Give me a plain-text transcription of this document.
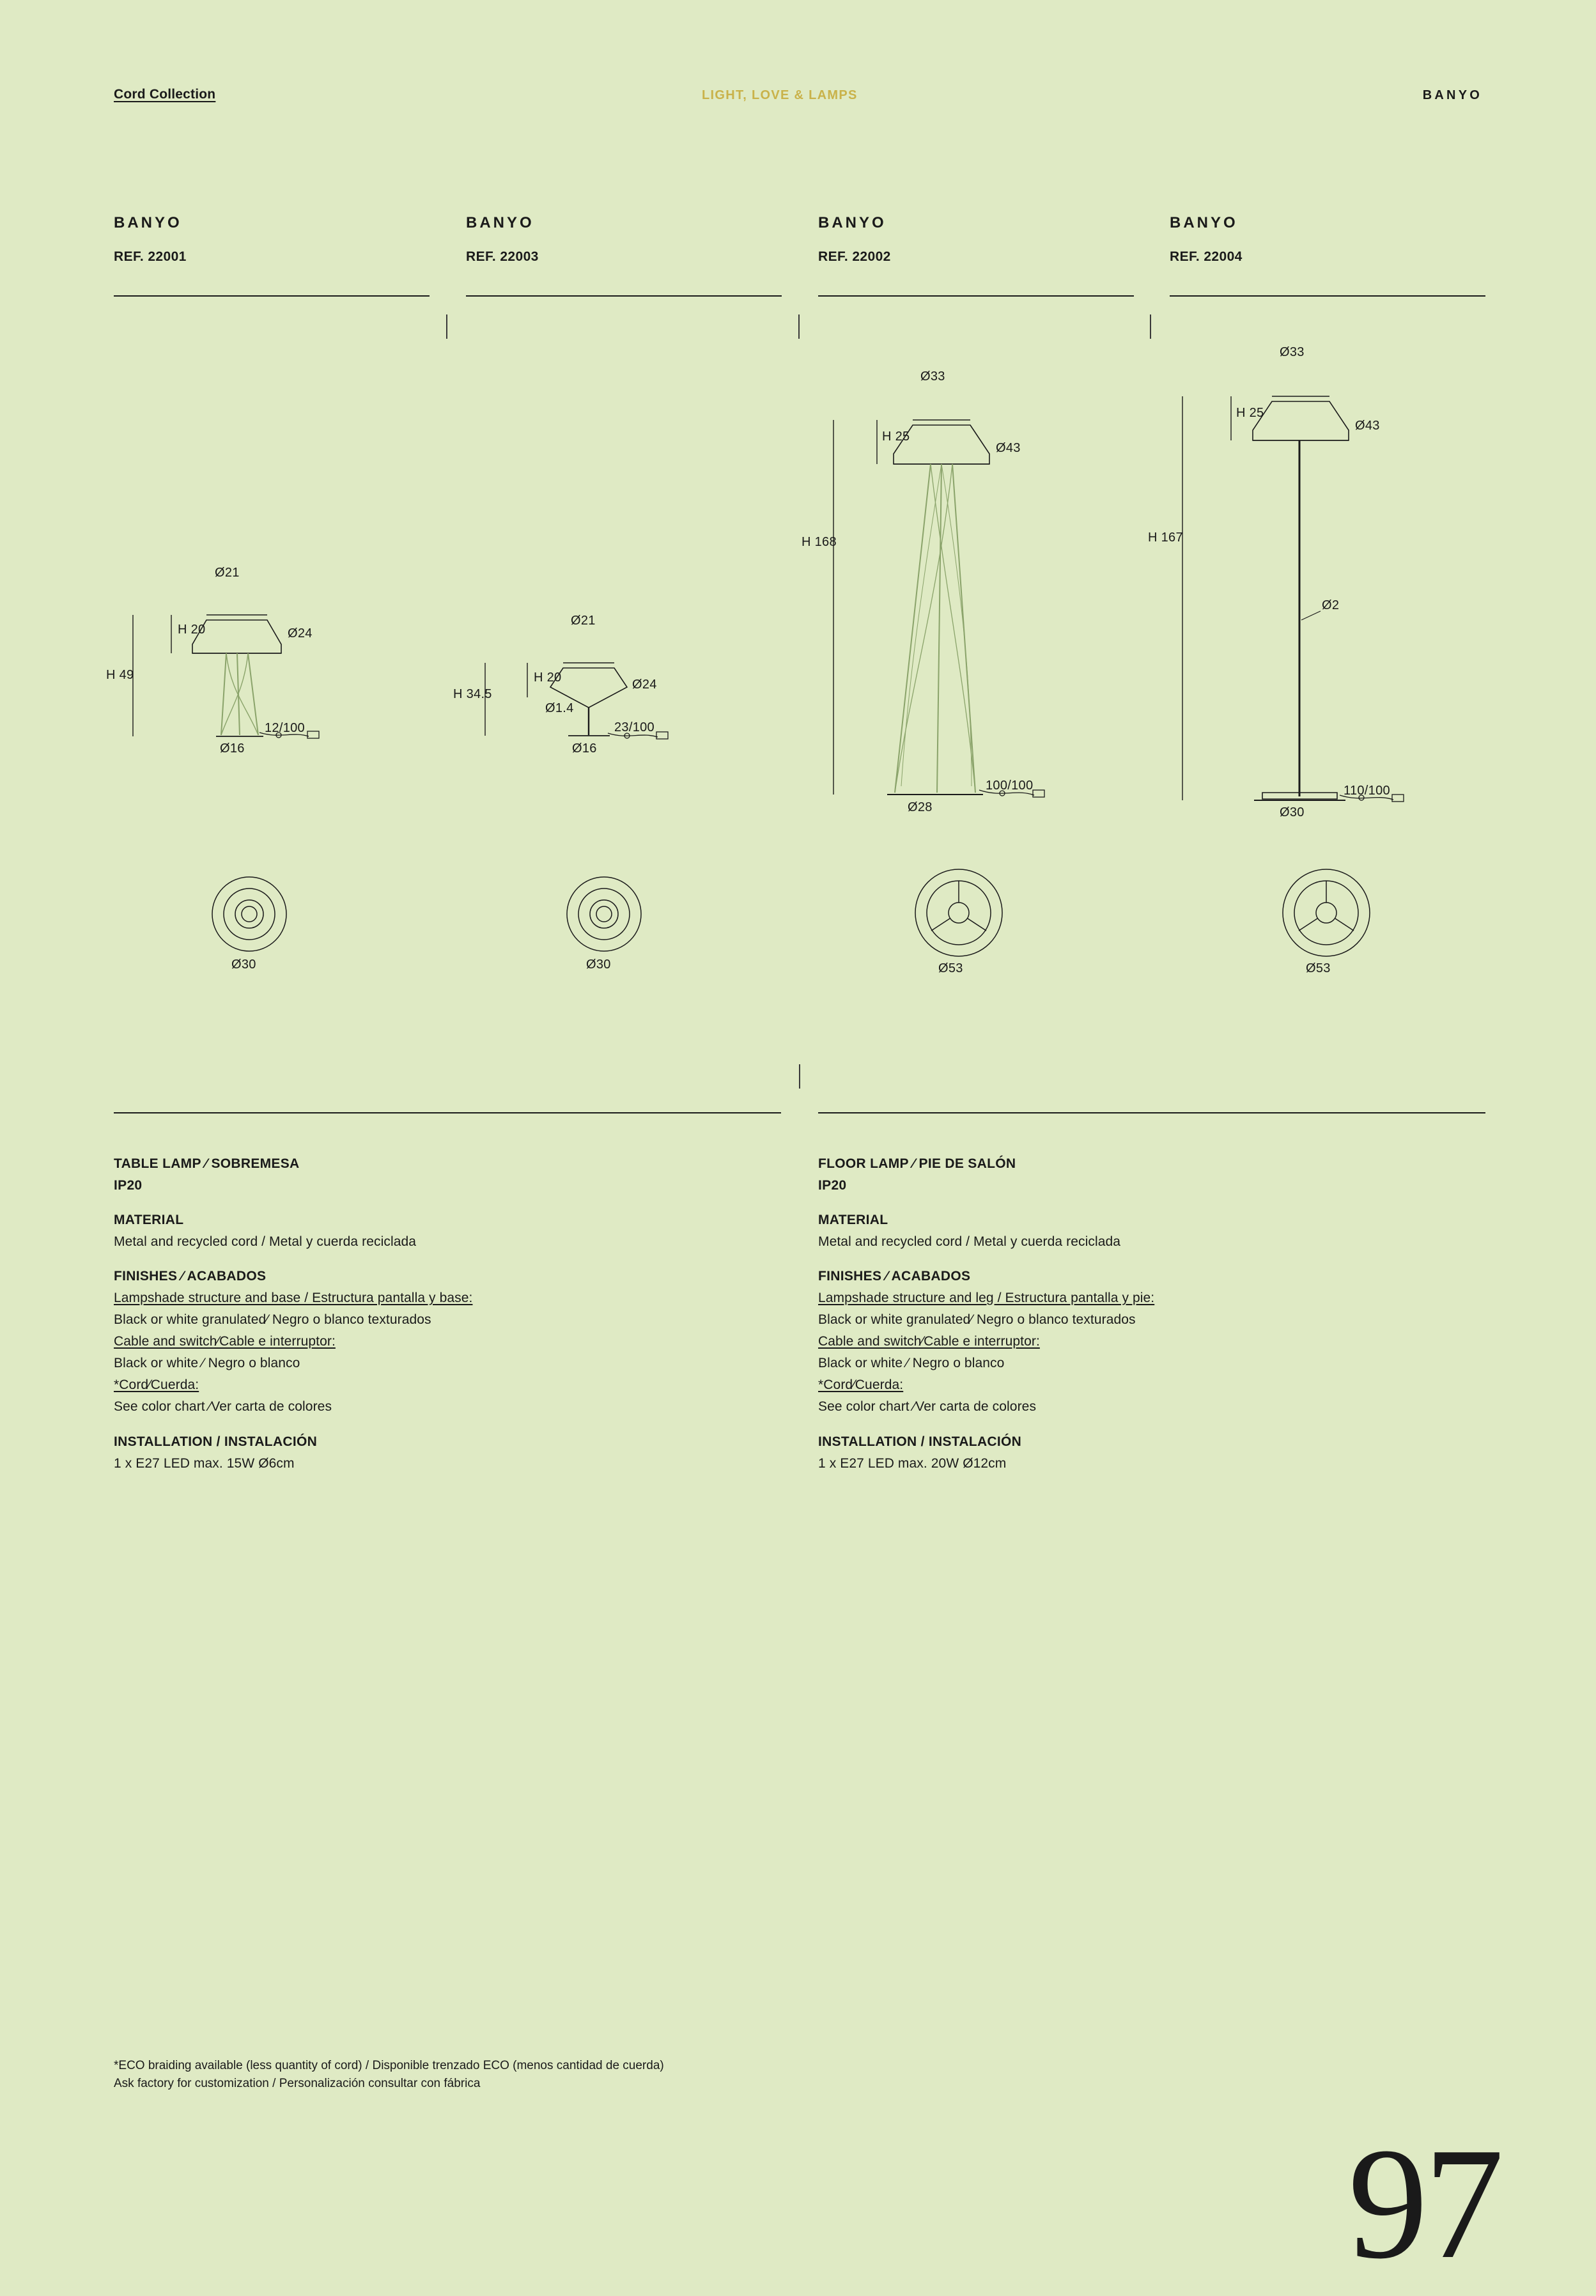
Cord Collection	LIGHT, LOVE & LAMPS	BANYO
BANYO
REF. 22001
BANYO
REF. 22003
BANYO
REF. 22002
BANYO
REF. 22004
Ø21
H 20	Ø24
H 49
Ø16
12/100
Ø30
Ø21
H 20	Ø24
Ø1.4
H 34.5
Ø16
23/100
Ø30
Ø33
H 25
Ø43
H 168
Ø28
100/100
Ø53
Ø33
H 25
Ø43
H 167
Ø2
Ø30
110/100
Ø53
TABLE LAMP ⁄ SOBREMESA
IP20
MATERIAL

Metal and recycled cord / Metal y cuerda reciclada

FINISHES ⁄ ACABADOS

Lampshade structure and base / Estructura pantalla y base:

Black or white granulated⁄ Negro o blanco texturados

Cable and switch⁄Cable e interruptor:

Black or white ⁄ Negro o blanco

*Cord⁄Cuerda:

See color chart ⁄Ver carta de colores

INSTALLATION / INSTALACIÓN

1 x E27 LED max. 15W Ø6cm

FLOOR LAMP ⁄ PIE DE SALÓN
IP20
MATERIAL

Metal and recycled cord / Metal y cuerda reciclada

FINISHES ⁄ ACABADOS

Lampshade structure and leg / Estructura pantalla y pie:

Black or white granulated⁄ Negro o blanco texturados

Cable and switch⁄Cable e interruptor:

Black or white ⁄ Negro o blanco

*Cord⁄Cuerda:

See color chart ⁄Ver carta de colores

INSTALLATION / INSTALACIÓN

1 x E27 LED max. 20W Ø12cm

*ECO braiding available (less quantity of cord) / Disponible trenzado ECO (menos cantidad de cuerda)
Ask factory for customization / Personalización consultar con fábrica
97
